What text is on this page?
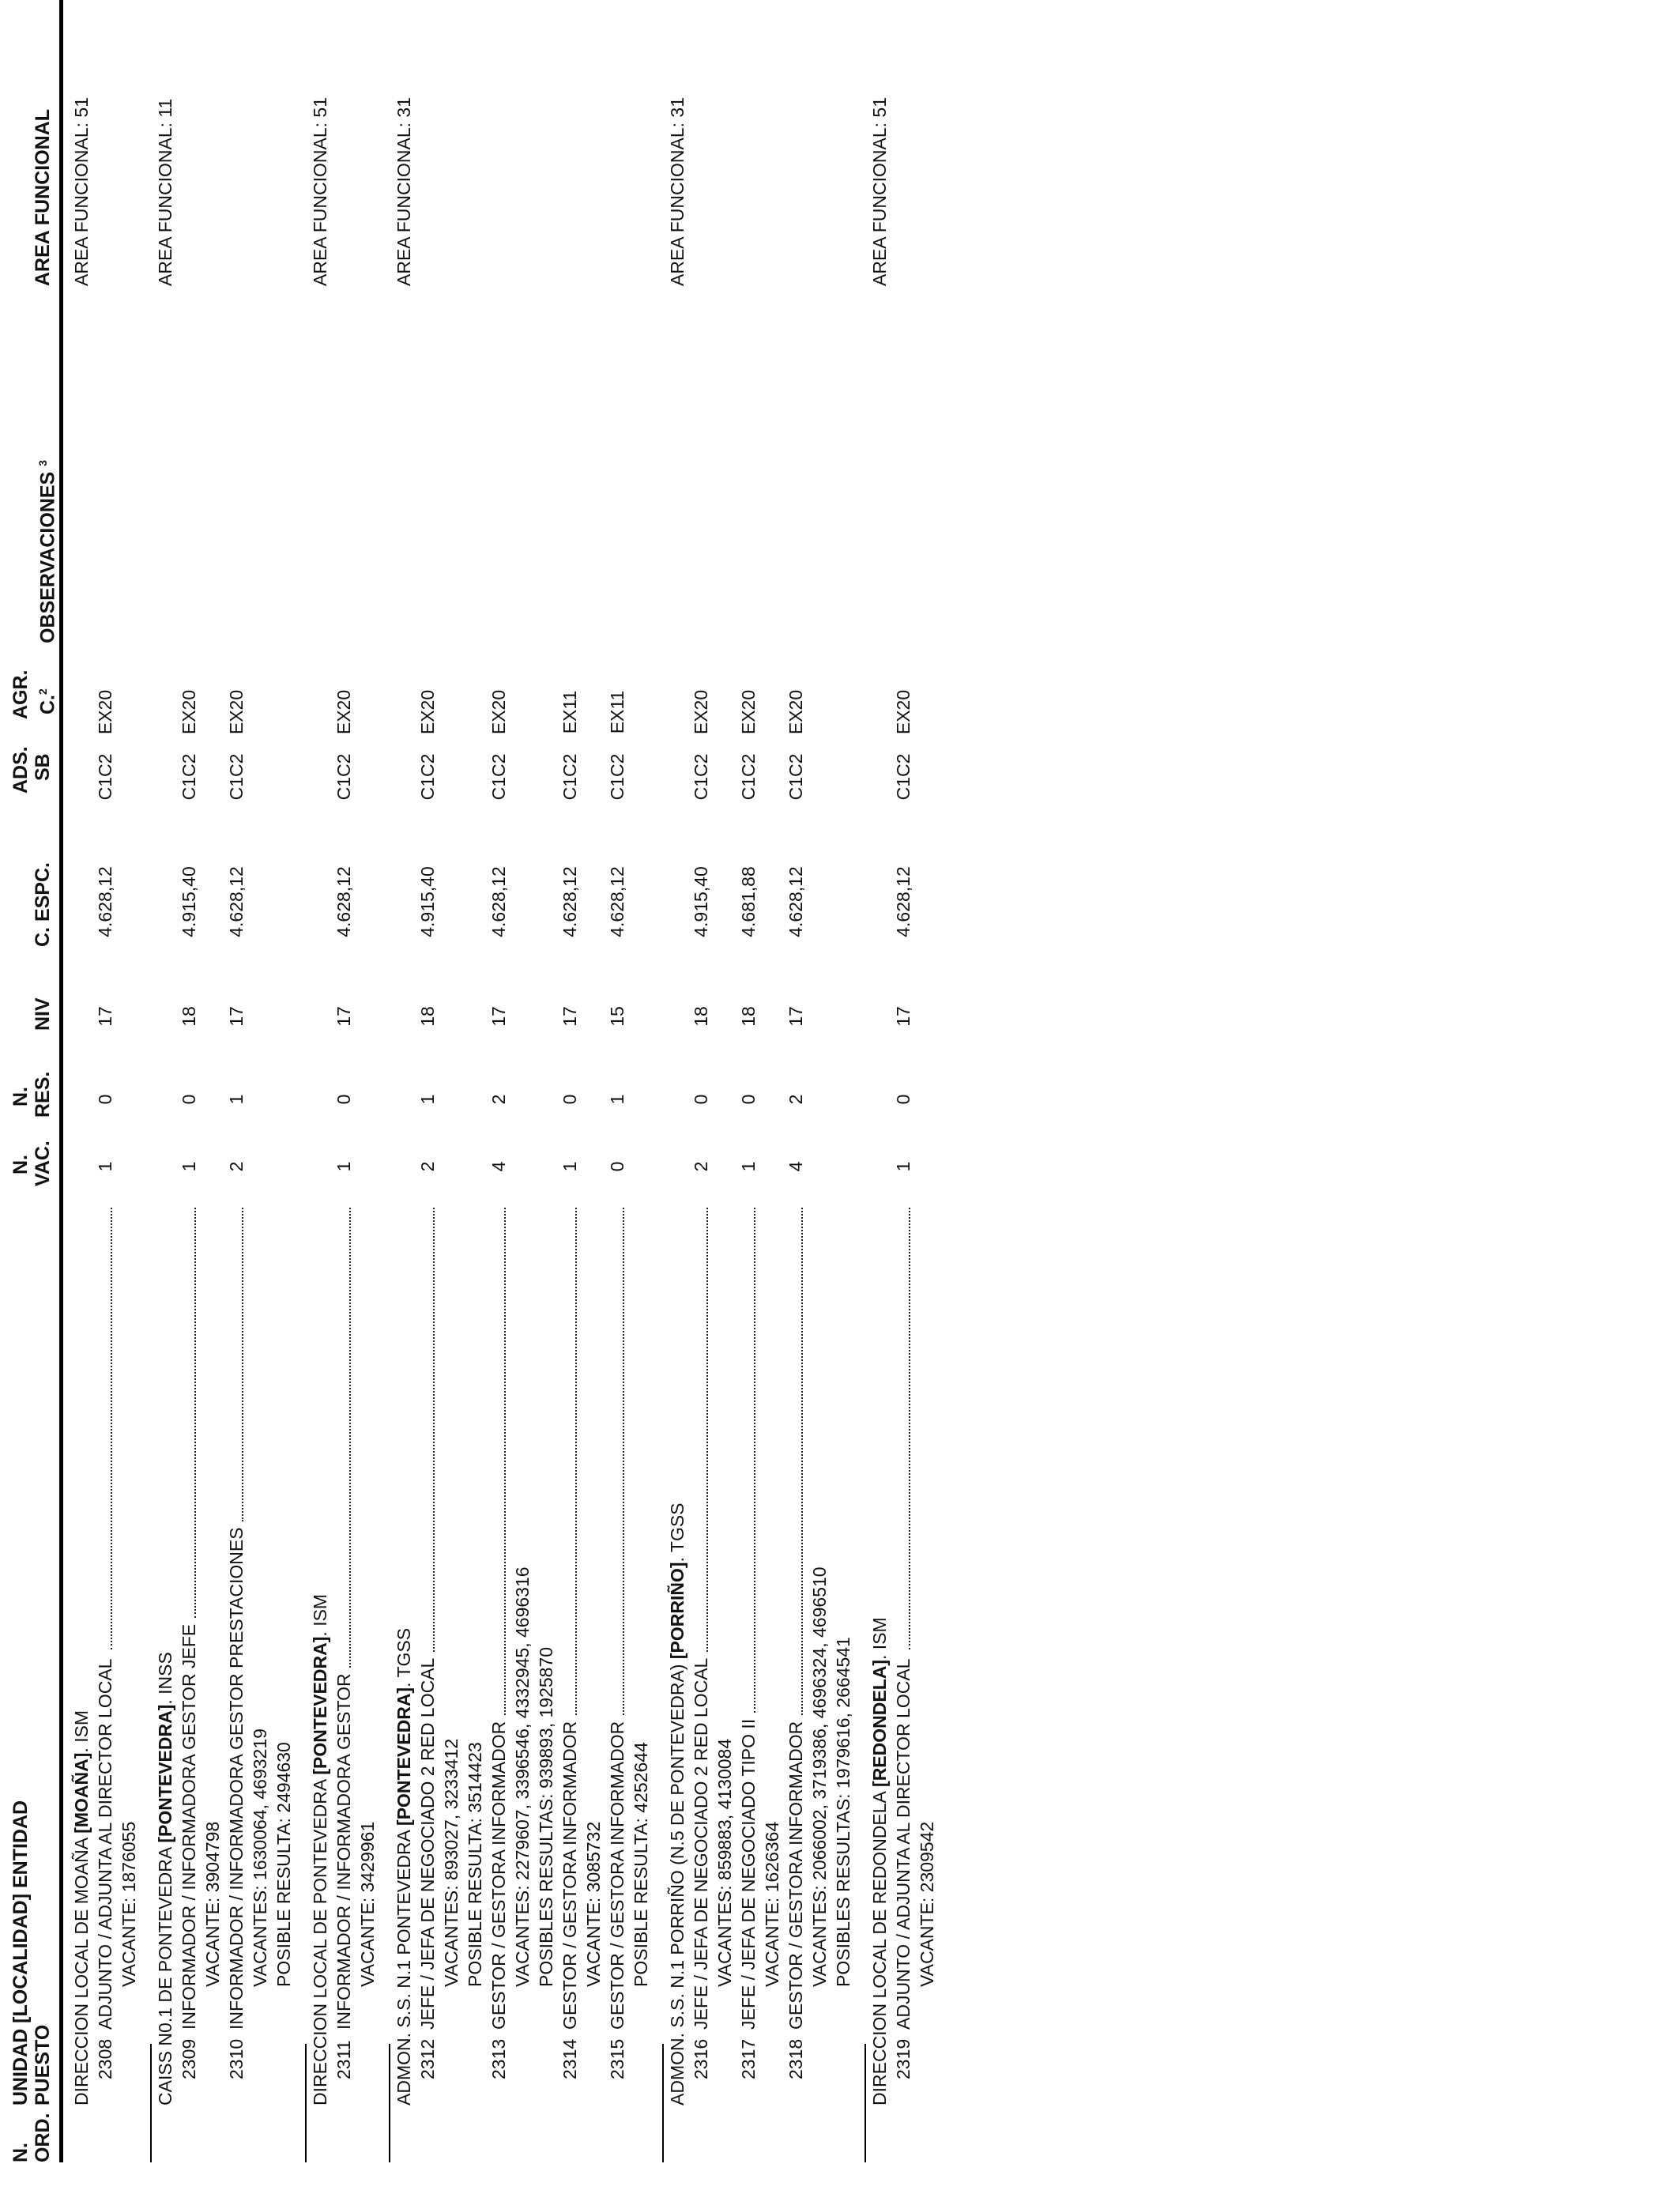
N. ORD.
UNIDAD [LOCALIDAD] ENTIDAD PUESTO
N. VAC.
N. RES.
NIV
C. ESPC.
ADS. SB
AGR. C.$^2$
OBSERVACIONES $^3$
AREA FUNCIONAL
DIRECCION LOCAL DE MOAÑA [MOAÑA]. ISM
AREA FUNCIONAL: 51
2308
ADJUNTO / ADJUNTA AL DIRECTOR LOCAL
1
0
17
4.628,12
C1C2
EX20
VACANTE: 1876055 CAISS N0.1 DE PONTEVEDRA [PONTEVEDRA]. INSS
AREA FUNCIONAL: 11
2309
INFORMADOR / INFORMADORA GESTOR JEFE
1
0
18
4.915,40
C1C2
EX20
VACANTE: 3904798
2310
INFORMADOR / INFORMADORA GESTOR PRESTACIONES
2
1
17
4.628,12
C1C2
EX20
VACANTES: 1630064, 4693219 POSIBLE RESULTA: 2494630 DIRECCION LOCAL DE PONTEVEDRA [PONTEVEDRA]. ISM
AREA FUNCIONAL: 51
2311
INFORMADOR / INFORMADORA GESTOR
1
0
17
4.628,12
C1C2
EX20
VACANTE: 3429961 ADMON. S.S. N.1 PONTEVEDRA [PONTEVEDRA]. TGSS
AREA FUNCIONAL: 31
2312
JEFE / JEFA DE NEGOCIADO 2 RED LOCAL
2
1
18
4.915,40
C1C2
EX20
VACANTES: 893027, 3233412 POSIBLE RESULTA: 3514423
2313
GESTOR / GESTORA INFORMADOR
4
2
17
4.628,12
C1C2
EX20
VACANTES: 2279607, 3396546, 4332945, 4696316 POSIBLES RESULTAS: 939893, 1925870
2314
GESTOR / GESTORA INFORMADOR
1
0
17
4.628,12
C1C2
EX11
VACANTE: 3085732
2315
GESTOR / GESTORA INFORMADOR
0
1
15
4.628,12
C1C2
EX11
POSIBLE RESULTA: 4252644 ADMON. S.S. N.1 PORRIÑO (N.5 DE PONTEVEDRA) [PORRIÑO]. TGSS
AREA FUNCIONAL: 31
2316
JEFE / JEFA DE NEGOCIADO 2 RED LOCAL
2
0
18
4.915,40
C1C2
EX20
VACANTES: 859883, 4130084
2317
JEFE / JEFA DE NEGOCIADO TIPO II
1
0
18
4.681,88
C1C2
EX20
VACANTE: 1626364
2318
GESTOR / GESTORA INFORMADOR
4
2
17
4.628,12
C1C2
EX20
VACANTES: 2066002, 3719386, 4696324, 4696510 POSIBLES RESULTAS: 1979616, 2664541 DIRECCION LOCAL DE REDONDELA [REDONDELA]. ISM
AREA FUNCIONAL: 51
2319
ADJUNTO / ADJUNTA AL DIRECTOR LOCAL
1
0
17
4.628,12
C1C2
EX20
VACANTE: 2309542
